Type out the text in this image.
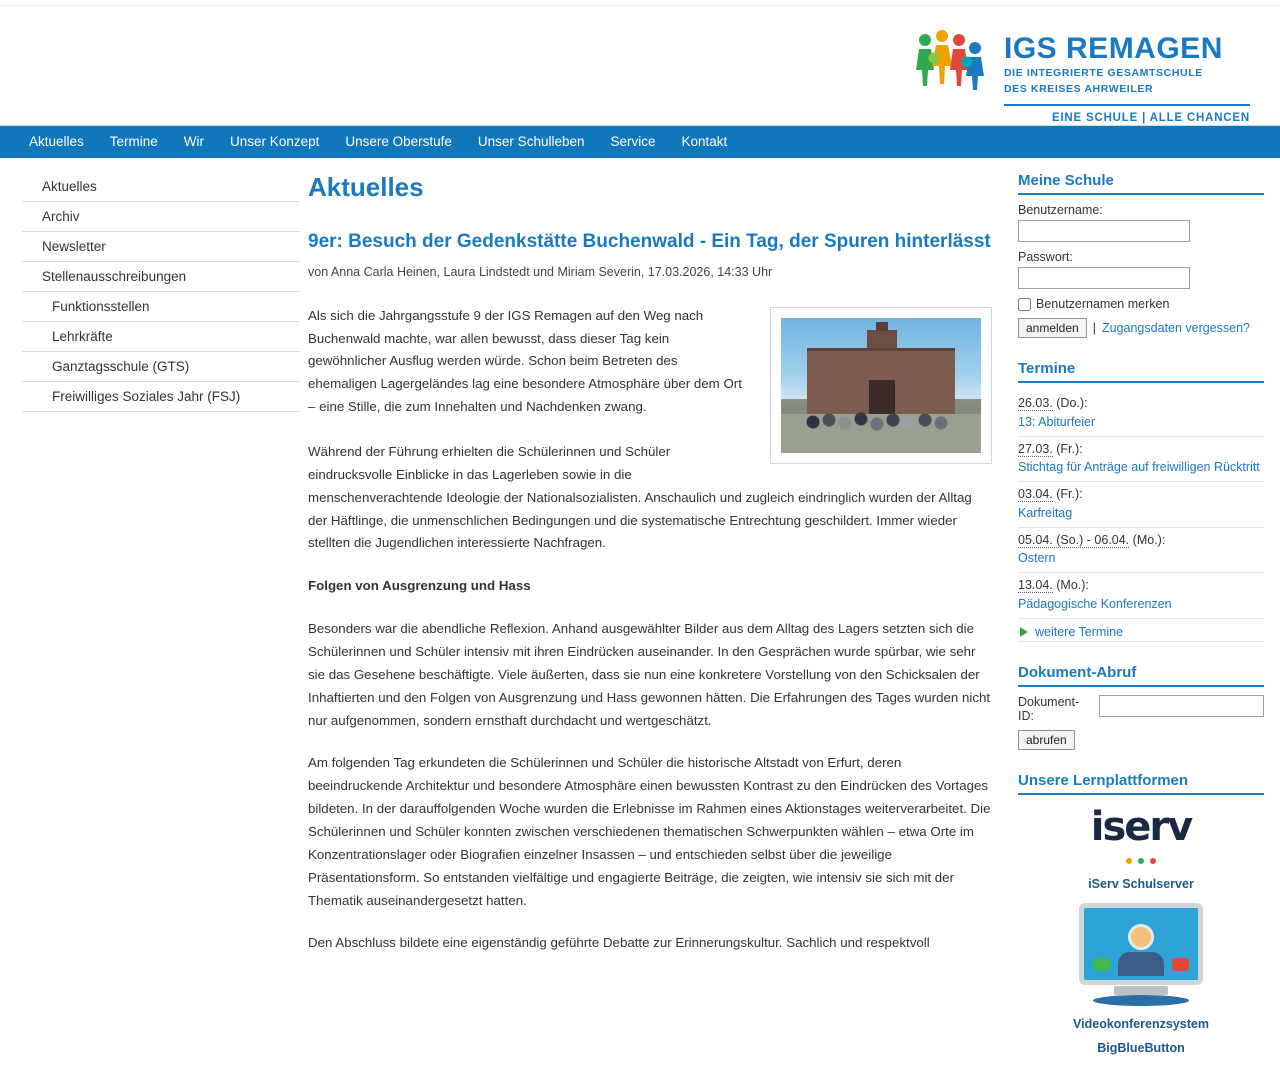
IGS REMAGEN
DIE INTEGRIERTE GESAMTSCHULE
DES KREISES AHRWEILER
EINE SCHULE | ALLE CHANCEN
Aktuelles	Termine	Wir	Unser Konzept	Unsere Oberstufe	Unser Schulleben	Service	Kontakt
Aktuelles
Archiv
Newsletter
Stellenausschreibungen
Funktionsstellen
Lehrkräfte
Ganztagsschule (GTS)
Freiwilliges Soziales Jahr (FSJ)
Aktuelles
9er: Besuch der Gedenkstätte Buchenwald - Ein Tag, der Spuren hinterlässt
von Anna Carla Heinen, Laura Lindstedt und Miriam Severin, 17.03.2026, 14:33 Uhr

Als sich die Jahrgangsstufe 9 der IGS Remagen auf den Weg nach Buchenwald machte, war allen bewusst, dass dieser Tag kein gewöhnlicher Ausflug werden würde. Schon beim Betreten des ehemaligen Lagergeländes lag eine besondere Atmosphäre über dem Ort – eine Stille, die zum Innehalten und Nachdenken zwang.

Während der Führung erhielten die Schülerinnen und Schüler eindrucksvolle Einblicke in das Lagerleben sowie in die menschenverachtende Ideologie der Nationalsozialisten. Anschaulich und zugleich eindringlich wurden der Alltag der Häftlinge, die unmenschlichen Bedingungen und die systematische Entrechtung geschildert. Immer wieder stellten die Jugendlichen interessierte Nachfragen.

Folgen von Ausgrenzung und Hass

Besonders war die abendliche Reflexion. Anhand ausgewählter Bilder aus dem Alltag des Lagers setzten sich die Schülerinnen und Schüler intensiv mit ihren Eindrücken auseinander. In den Gesprächen wurde spürbar, wie sehr sie das Gesehene beschäftigte. Viele äußerten, dass sie nun eine konkretere Vorstellung von den Schicksalen der Inhaftierten und den Folgen von Ausgrenzung und Hass gewonnen hätten. Die Erfahrungen des Tages wurden nicht nur aufgenommen, sondern ernsthaft durchdacht und wertgeschätzt.

Am folgenden Tag erkundeten die Schülerinnen und Schüler die historische Altstadt von Erfurt, deren beeindruckende Architektur und besondere Atmosphäre einen bewussten Kontrast zu den Eindrücken des Vortages bildeten. In der darauffolgenden Woche wurden die Erlebnisse im Rahmen eines Aktionstages weiterverarbeitet. Die Schülerinnen und Schüler konnten zwischen verschiedenen thematischen Schwerpunkten wählen – etwa Orte im Konzentrationslager oder Biografien einzelner Insassen – und entschieden selbst über die jeweilige Präsentationsform. So entstanden vielfältige und engagierte Beiträge, die zeigten, wie intensiv sie sich mit der Thematik auseinandergesetzt hatten.

Den Abschluss bildete eine eigenständig geführte Debatte zur Erinnerungskultur. Sachlich und respektvoll

Meine Schule
Benutzername:
Passwort:
Benutzernamen merken
anmelden	| Zugangsdaten vergessen?
Termine
26.03. (Do.):
13: Abiturfeier
27.03. (Fr.):
Stichtag für Anträge auf freiwilligen Rücktritt
03.04. (Fr.):
Karfreitag
05.04. (So.) - 06.04. (Mo.):
Ostern
13.04. (Mo.):
Pädagogische Konferenzen
weitere Termine
Dokument-Abruf
Dokument-ID:
abrufen
Unsere Lernplattformen
iserv
iServ Schulserver
Videokonferenzsystem
BigBlueButton
